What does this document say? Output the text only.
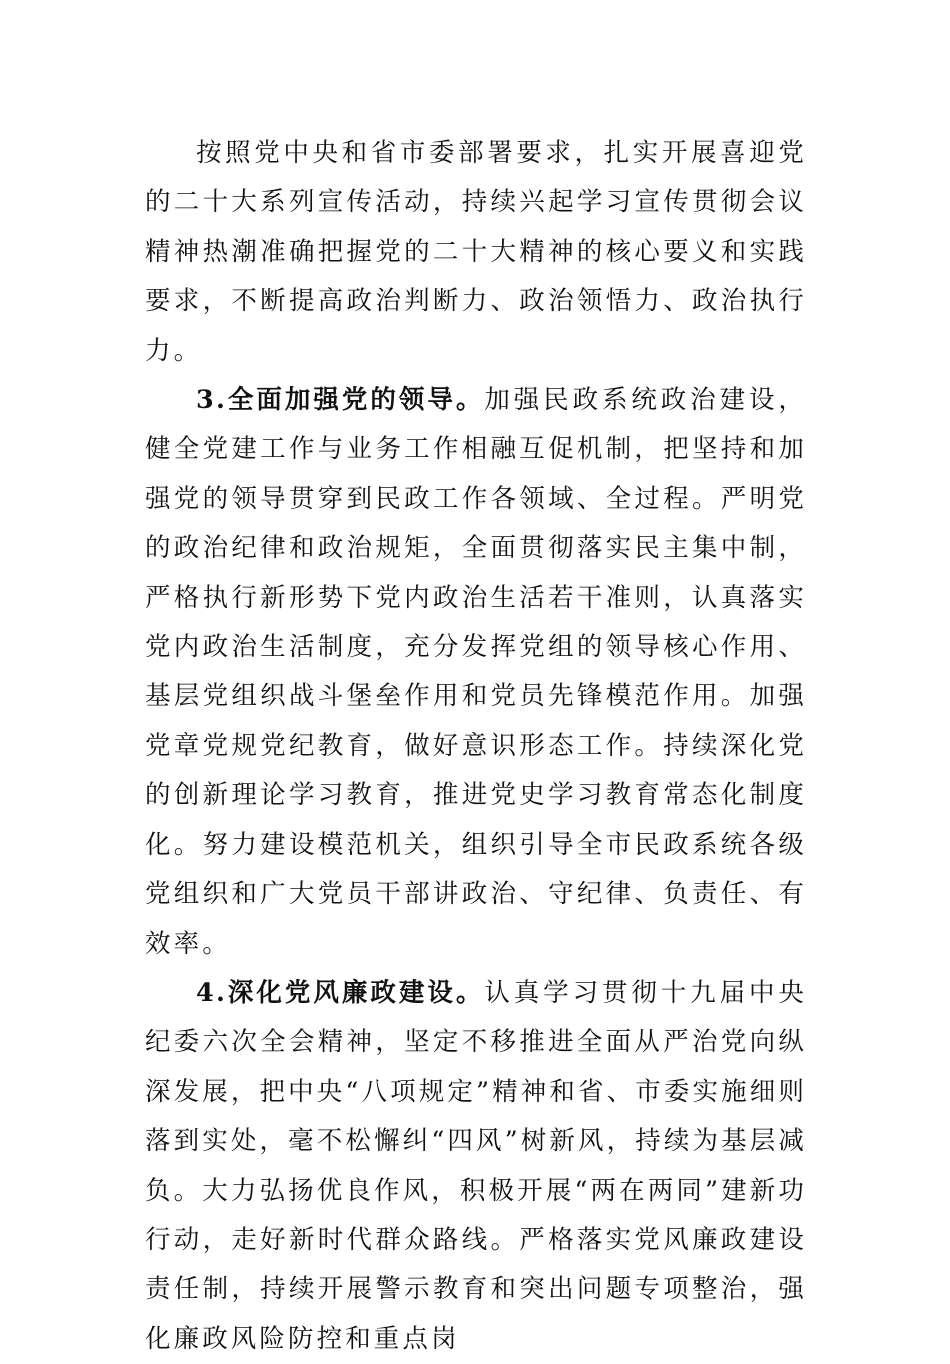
按照党中央和省市委部署要求，扎实开展喜迎党的二十大系列宣传活动，持续兴起学习宣传贯彻会议精神热潮准确把握党的二十大精神的核心要义和实践要求，不断提高政治判断力、政治领悟力、政治执行力。

3.全面加强党的领导。加强民政系统政治建设，健全党建工作与业务工作相融互促机制，把坚持和加强党的领导贯穿到民政工作各领域、全过程。严明党的政治纪律和政治规矩，全面贯彻落实民主集中制，严格执行新形势下党内政治生活若干准则，认真落实党内政治生活制度，充分发挥党组的领导核心作用、基层党组织战斗堡垒作用和党员先锋模范作用。加强党章党规党纪教育，做好意识形态工作。持续深化党的创新理论学习教育，推进党史学习教育常态化制度化。努力建设模范机关，组织引导全市民政系统各级党组织和广大党员干部讲政治、守纪律、负责任、有效率。

4.深化党风廉政建设。认真学习贯彻十九届中央纪委六次全会精神，坚定不移推进全面从严治党向纵深发展，把中央“八项规定”精神和省、市委实施细则落到实处，毫不松懈纠“四风”树新风，持续为基层减负。大力弘扬优良作风，积极开展“两在两同”建新功行动，走好新时代群众路线。严格落实党风廉政建设责任制，持续开展警示教育和突出问题专项整治，强化廉政风险防控和重点岗
